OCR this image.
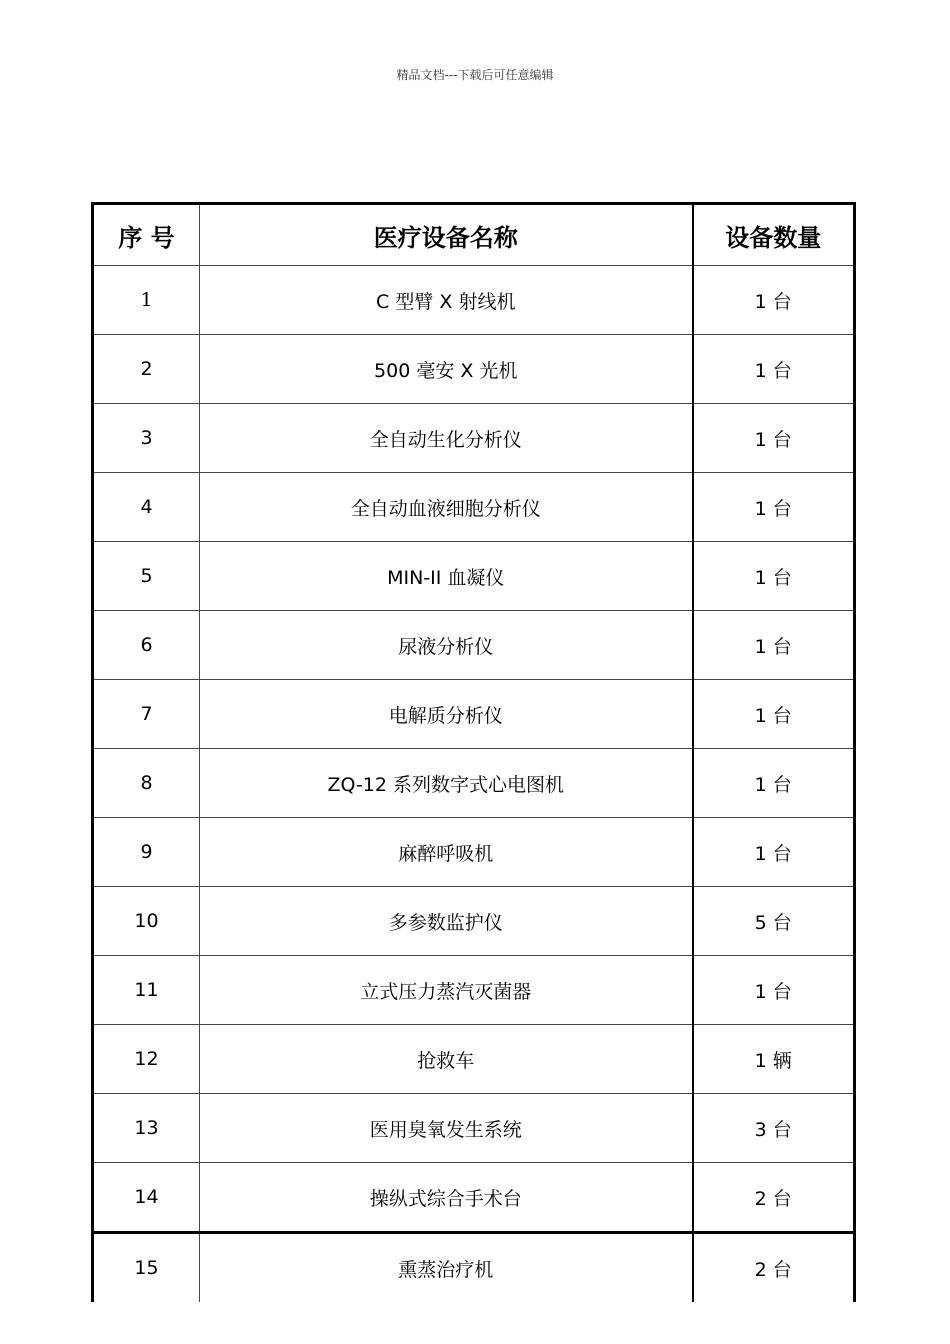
精品文档---下载后可任意编辑
序 号	医疗设备名称	设备数量
1	C 型臂 X 射线机	1 台
2	500 毫安 X 光机	1 台
3	全自动生化分析仪	1 台
4	全自动血液细胞分析仪	1 台
5	MIN-II 血凝仪	1 台
6	尿液分析仪	1 台
7	电解质分析仪	1 台
8	ZQ-12 系列数字式心电图机	1 台
9	麻醉呼吸机	1 台
10	多参数监护仪	5 台
11	立式压力蒸汽灭菌器	1 台
12	抢救车	1 辆
13	医用臭氧发生系统	3 台
14	操纵式综合手术台	2 台
15	熏蒸治疗机	2 台
